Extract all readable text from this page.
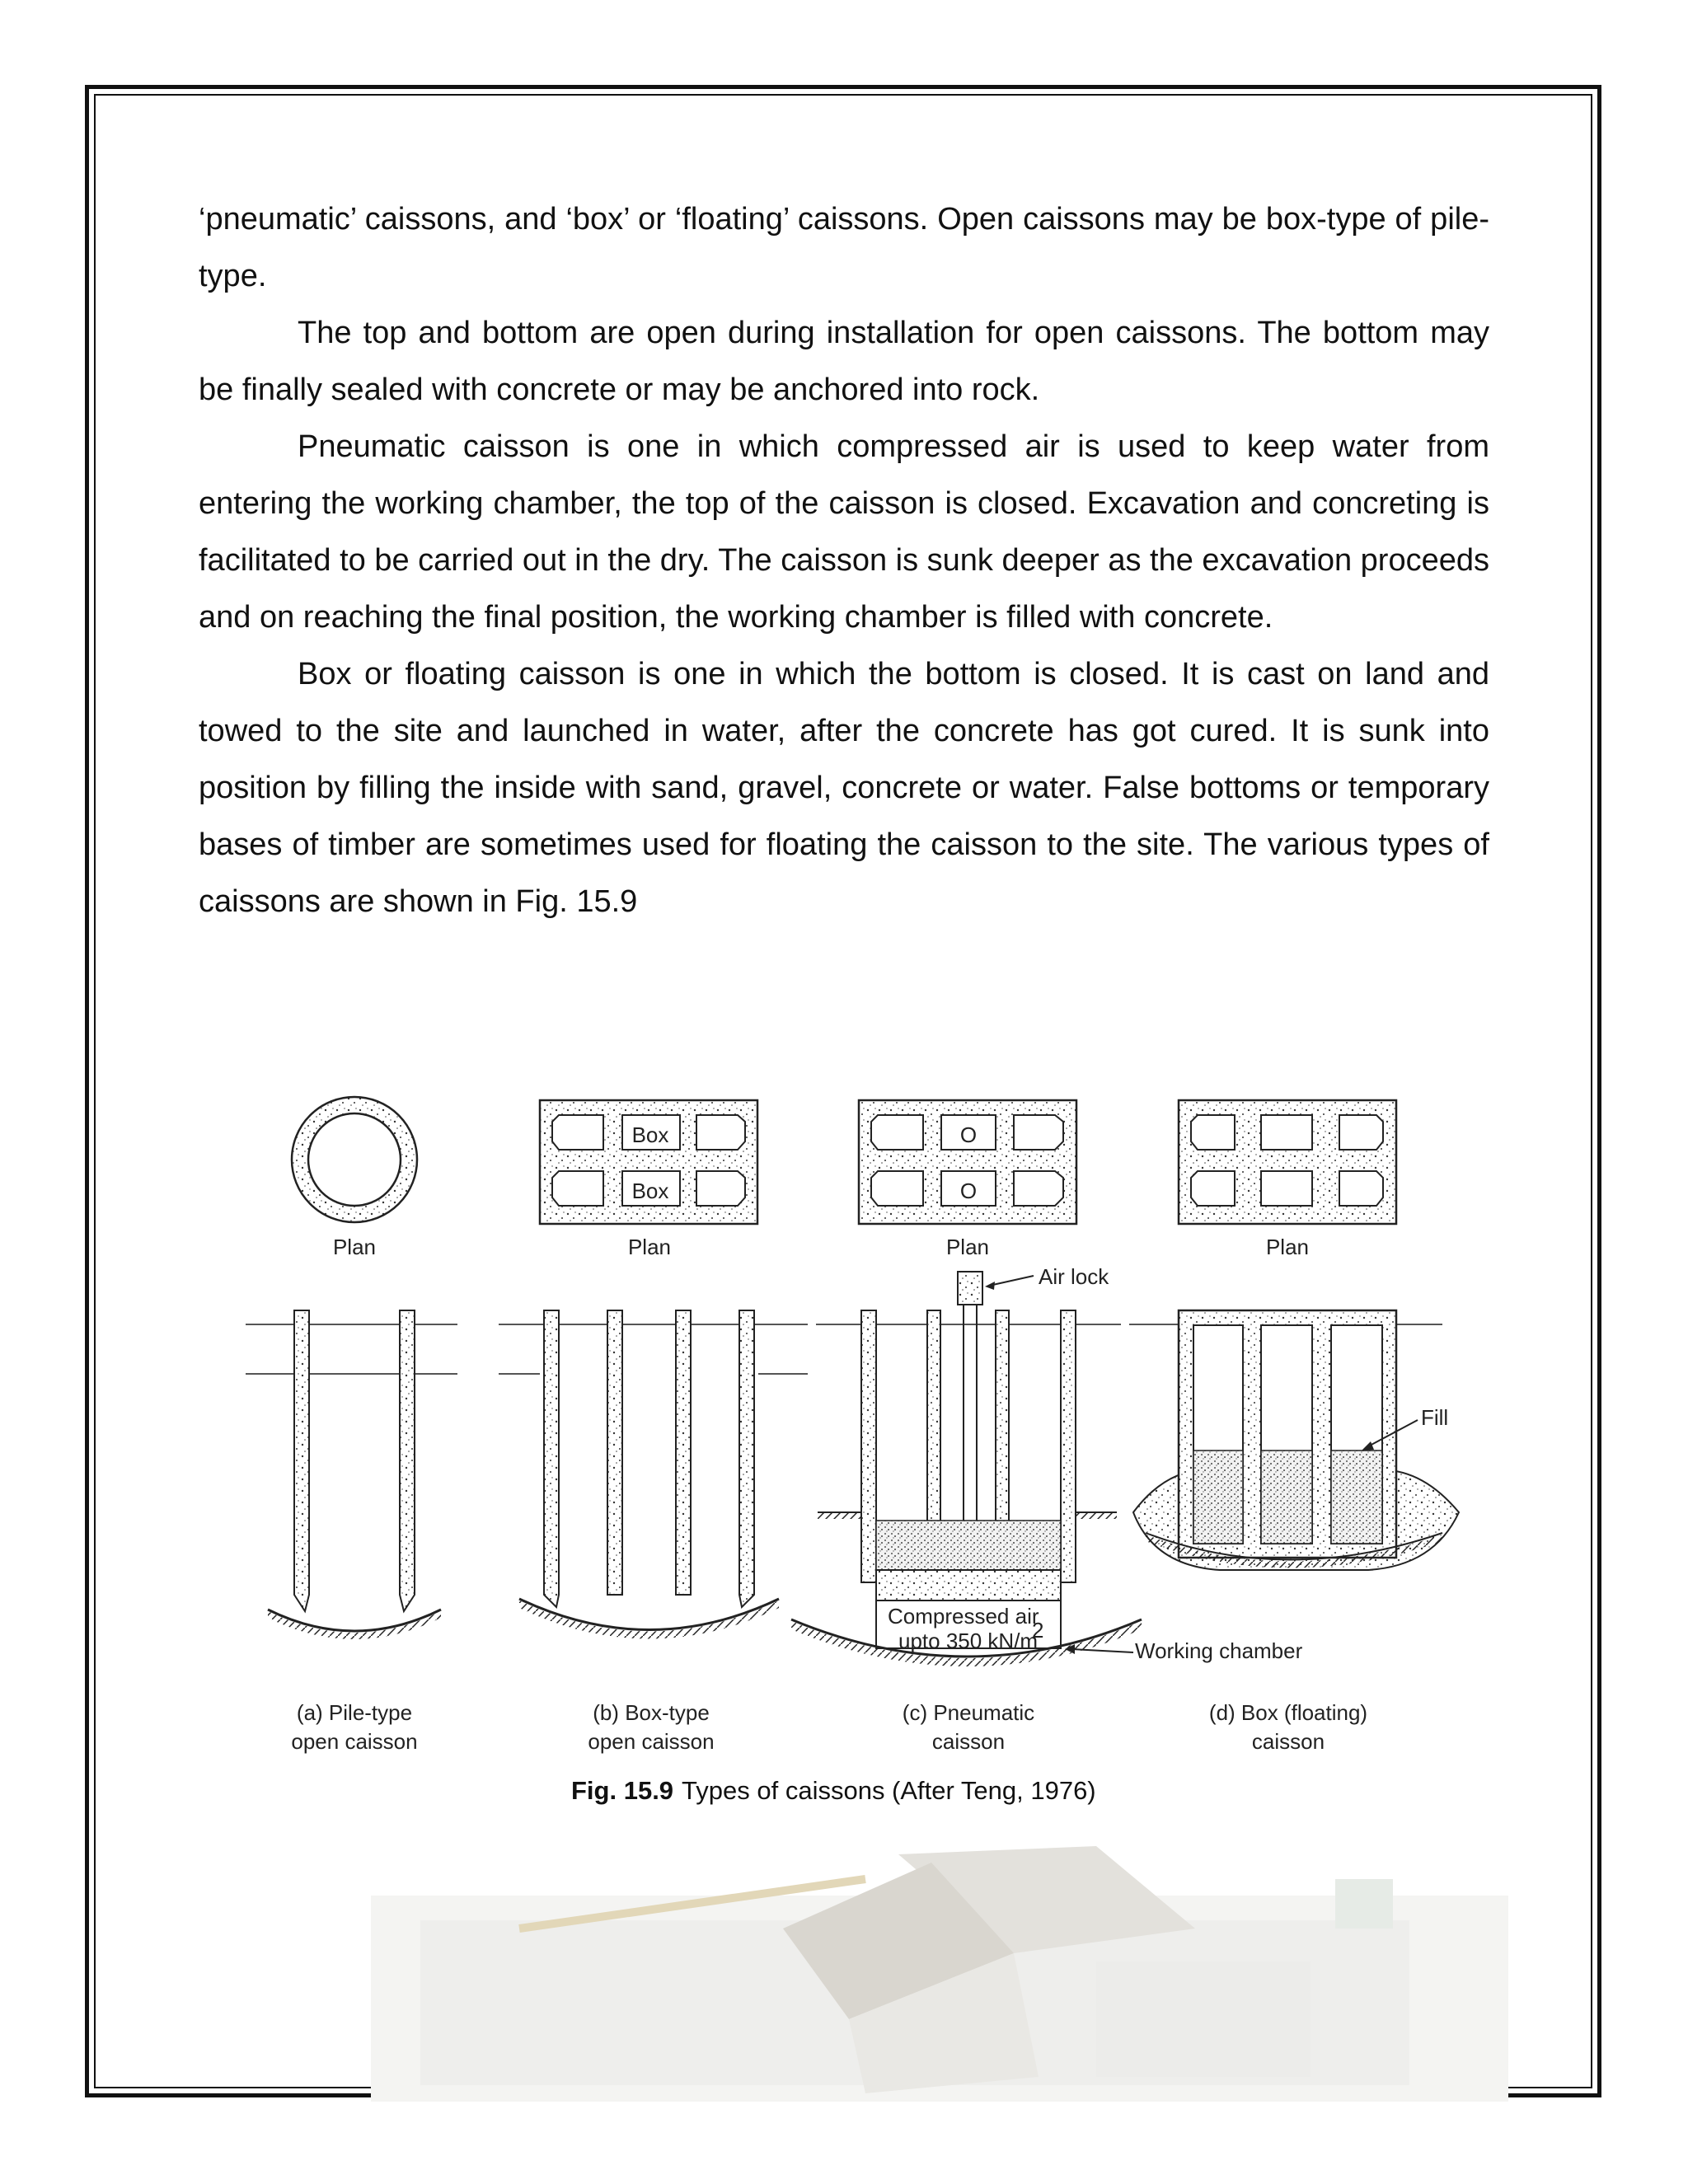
‘pneumatic’ caissons, and ‘box’ or ‘floating’ caissons. Open caissons may be box-type of pile-type.

The top and bottom are open during installation for open caissons. The bottom may be finally sealed with concrete or may be anchored into rock.

Pneumatic caisson is one in which compressed air is used to keep water from entering the working chamber, the top of the caisson is closed. Excavation and concreting is facilitated to be carried out in the dry. The caisson is sunk deeper as the excavation proceeds and on reaching the final position, the working chamber is filled with concrete.

Box or floating caisson is one in which the bottom is closed. It is cast on land and towed to the site and launched in water, after the concrete has got cured. It is sunk into position by filling the inside with sand, gravel, concrete or water. False bottoms or temporary bases of timber are sometimes used for floating the caisson to the site. The various types of caissons are shown in Fig. 15.9

Box
Box
O
O
Plan	Plan	Plan	Plan
Air lock
Fill
Compressed air
upto 350 kN/m
2
Working chamber
(a) Pile-type
open caisson
(b) Box-type
open caisson
(c) Pneumatic
caisson
(d) Box (floating)
caisson
Fig. 15.9 Types of caissons (After Teng, 1976)
